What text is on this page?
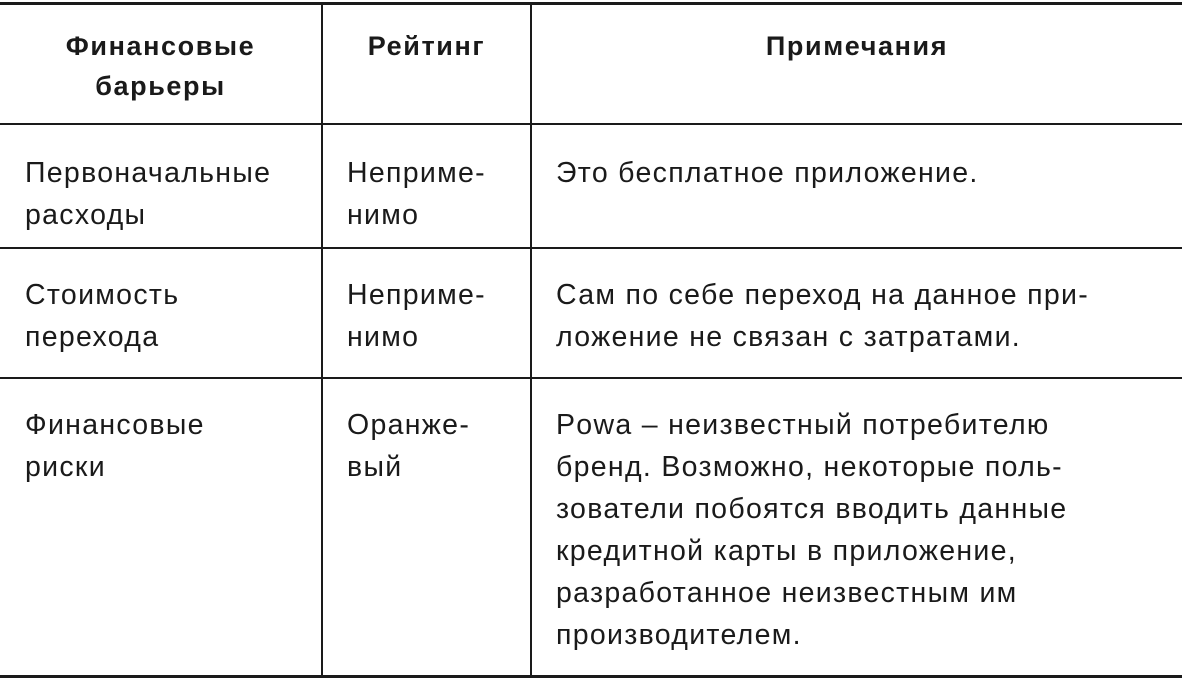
Финансовые
барьеры
Рейтинг	Примечания
Первоначальные
расходы
Неприме-
нимо
Это бесплатное приложение.
Стоимость
перехода
Неприме-
нимо
Сам по себе переход на данное при-
ложение не связан с затратами.
Финансовые
риски
Оранже-
вый
Powa – неизвестный потребителю
бренд. Возможно, некоторые поль-
зователи побоятся вводить данные
кредитной карты в приложение,
разработанное неизвестным им
производителем.
